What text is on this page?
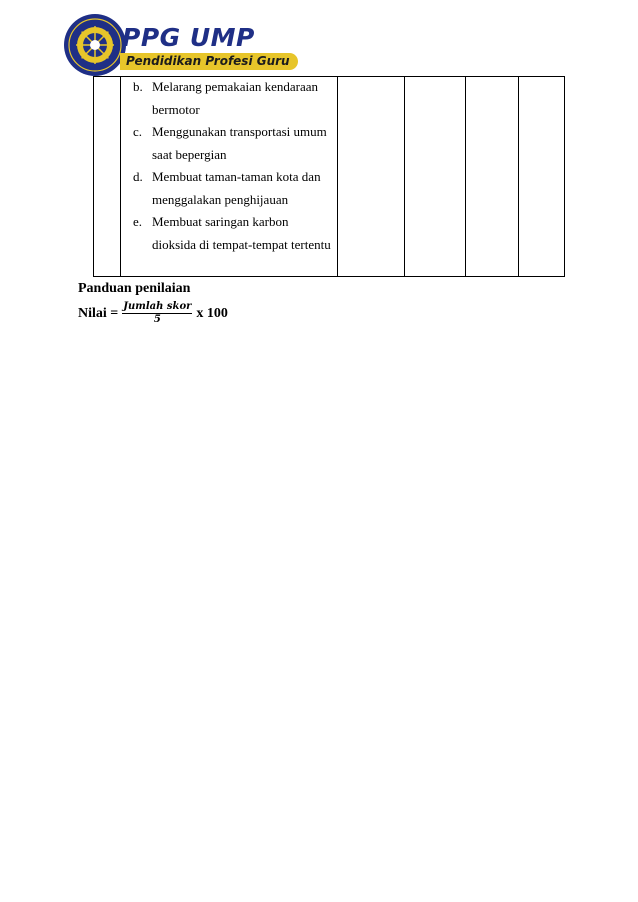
PPG UMP
Pendidikan Profesi Guru

b. Melarang pemakaian kendaraan bermotor
c. Menggunakan transportasi umum saat bepergian
d. Membuat taman-taman kota dan menggalakan penghijauan
e. Membuat saringan karbon dioksida di tempat-tempat tertentu

Panduan penilaian
Nilai = $\frac{\text{Jumlah skor}}{5}$ x 100
